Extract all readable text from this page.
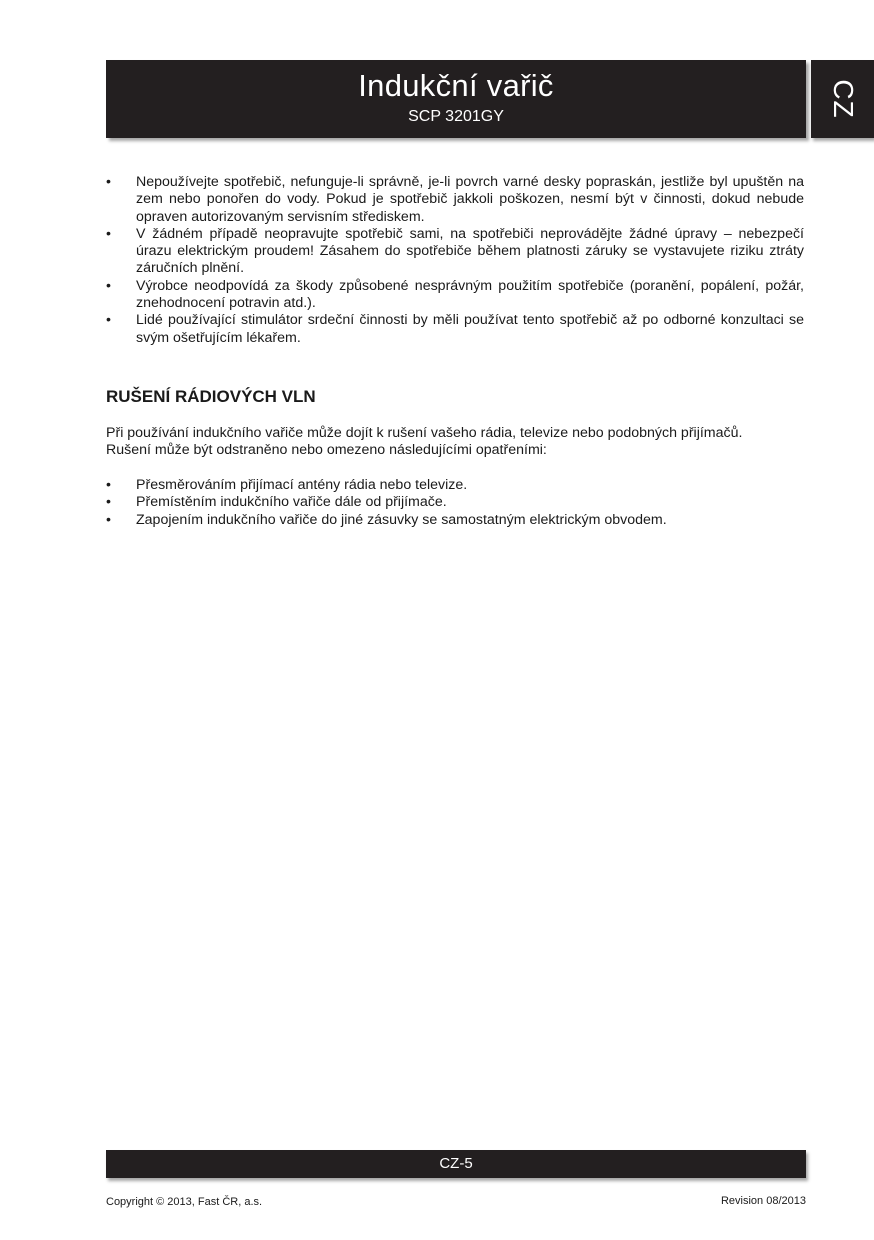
Indukční vařič
SCP 3201GY	CZ
• Nepoužívejte spotřebič, nefunguje-li správně, je-li povrch varné desky popraskán, jestliže byl upuštěn na zem nebo ponořen do vody. Pokud je spotřebič jakkoli poškozen, nesmí být v činnosti, dokud nebude opraven autorizovaným servisním střediskem.
• V žádném případě neopravujte spotřebič sami, na spotřebiči neprovádějte žádné úpravy – nebezpečí úrazu elektrickým proudem! Zásahem do spotřebiče během platnosti záruky se vystavujete riziku ztráty záručních plnění.
• Výrobce neodpovídá za škody způsobené nesprávným použitím spotřebiče (poranění, popálení, požár, znehodnocení potravin atd.).
• Lidé používající stimulátor srdeční činnosti by měli používat tento spotřebič až po odborné konzultaci se svým ošetřujícím lékařem.
RUŠENÍ RÁDIOVÝCH VLN

Při používání indukčního vařiče může dojít k rušení vašeho rádia, televize nebo podobných přijímačů.

Rušení může být odstraněno nebo omezeno následujícími opatřeními:

• Přesměrováním přijímací antény rádia nebo televize.
• Přemístěním indukčního vařiče dále od přijímače.
• Zapojením indukčního vařiče do jiné zásuvky se samostatným elektrickým obvodem.
CZ-5
Copyright © 2013, Fast ČR, a.s.	Revision 08/2013
